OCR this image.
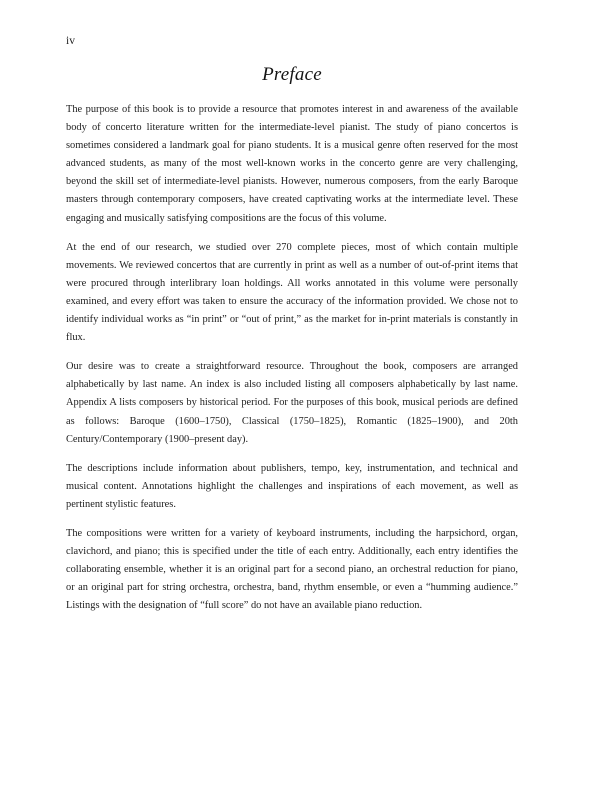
iv
Preface

The purpose of this book is to provide a resource that promotes interest in and awareness of the available body of concerto literature written for the intermediate-level pianist. The study of piano concertos is sometimes considered a landmark goal for piano students. It is a musical genre often reserved for the most advanced students, as many of the most well-known works in the concerto genre are very challenging, beyond the skill set of intermediate-level pianists. However, numerous composers, from the early Baroque masters through contemporary composers, have created captivating works at the intermediate level. These engaging and musically satisfying compositions are the focus of this volume.

At the end of our research, we studied over 270 complete pieces, most of which contain multiple movements. We reviewed concertos that are currently in print as well as a number of out-of-print items that were procured through interlibrary loan holdings. All works annotated in this volume were personally examined, and every effort was taken to ensure the accuracy of the information provided. We chose not to identify individual works as “in print” or “out of print,” as the market for in-print materials is constantly in flux.

Our desire was to create a straightforward resource. Throughout the book, composers are arranged alphabetically by last name. An index is also included listing all composers alphabetically by last name. Appendix A lists composers by historical period. For the purposes of this book, musical periods are defined as follows: Baroque (1600–1750), Classical (1750–1825), Romantic (1825–1900), and 20th Century/Contemporary (1900–present day).

The descriptions include information about publishers, tempo, key, instrumentation, and technical and musical content. Annotations highlight the challenges and inspirations of each movement, as well as pertinent stylistic features.

The compositions were written for a variety of keyboard instruments, including the harpsichord, organ, clavichord, and piano; this is specified under the title of each entry. Additionally, each entry identifies the collaborating ensemble, whether it is an original part for a second piano, an orchestral reduction for piano, or an original part for string orchestra, orchestra, band, rhythm ensemble, or even a “humming audience.” Listings with the designation of “full score” do not have an available piano reduction.
